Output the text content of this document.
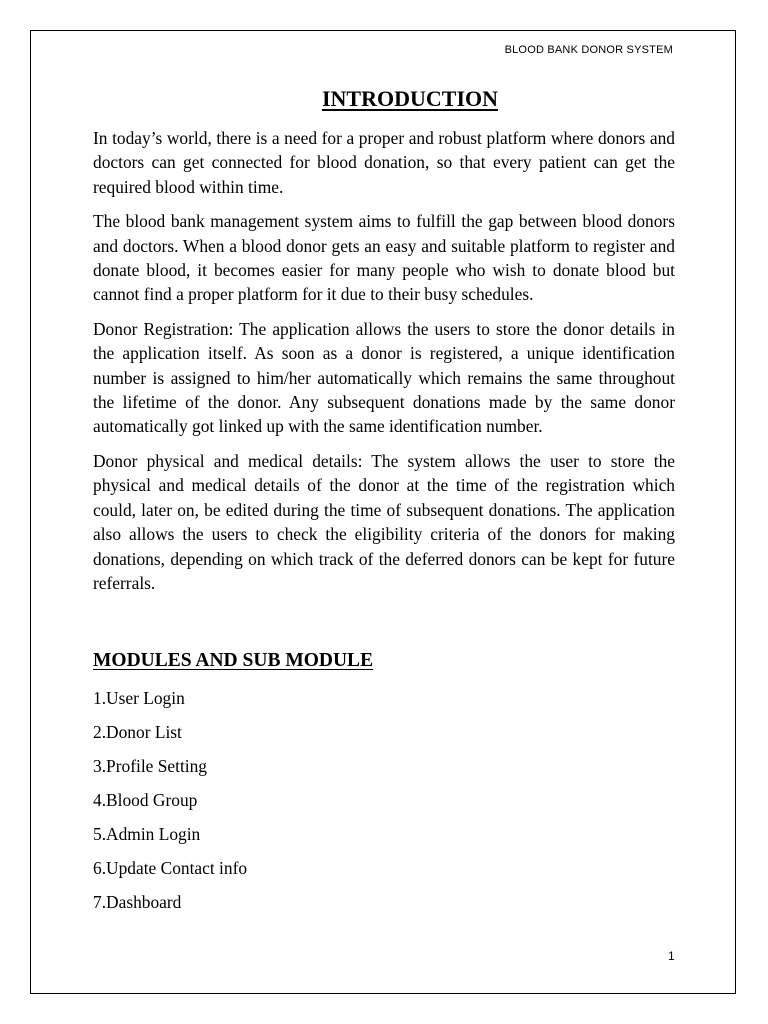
BLOOD BANK DONOR SYSTEM
INTRODUCTION

In today’s world, there is a need for a proper and robust platform where donors and doctors can get connected for blood donation, so that every patient can get the required blood within time.

The blood bank management system aims to fulfill the gap between blood donors and doctors. When a blood donor gets an easy and suitable platform to register and donate blood, it becomes easier for many people who wish to donate blood but cannot find a proper platform for it due to their busy schedules.

Donor Registration: The application allows the users to store the donor details in the application itself. As soon as a donor is registered, a unique identification number is assigned to him/her automatically which remains the same throughout the lifetime of the donor. Any subsequent donations made by the same donor automatically got linked up with the same identification number.

Donor physical and medical details: The system allows the user to store the physical and medical details of the donor at the time of the registration which could, later on, be edited during the time of subsequent donations. The application also allows the users to check the eligibility criteria of the donors for making donations, depending on which track of the deferred donors can be kept for future referrals.

MODULES AND SUB MODULE
1.User Login
2.Donor List
3.Profile Setting
4.Blood Group
5.Admin Login
6.Update Contact info
7.Dashboard
1
